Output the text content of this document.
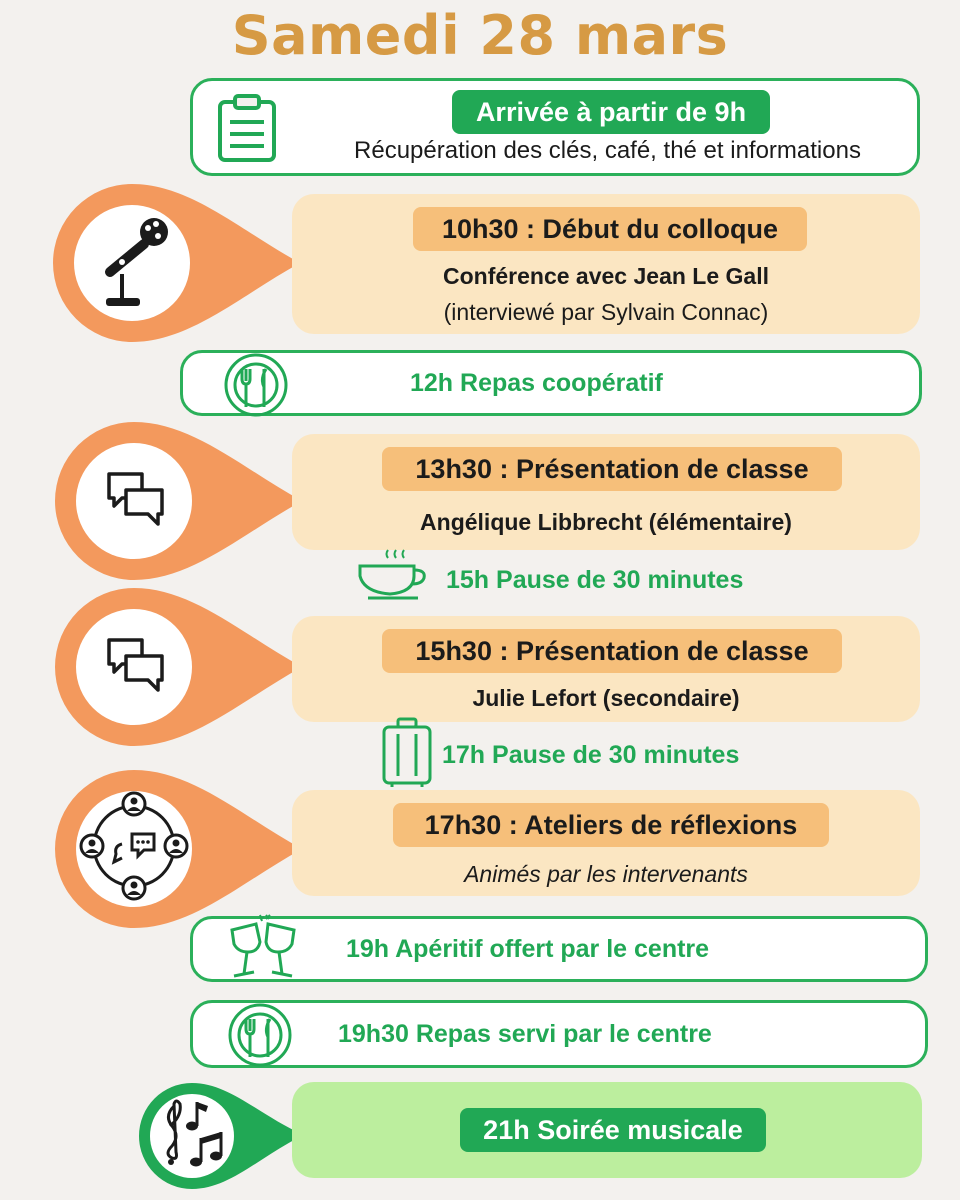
Samedi 28 mars
Arrivée à partir de 9h
Récupération des clés, café, thé et informations
10h30 : Début du colloque
Conférence avec Jean Le Gall
(interviewé par Sylvain Connac)
12h Repas coopératif
13h30 : Présentation de classe
Angélique Libbrecht (élémentaire)
15h Pause de 30 minutes
15h30 : Présentation de classe
Julie Lefort (secondaire)
17h Pause de 30 minutes
17h30 : Ateliers de réflexions
Animés par les intervenants
19h Apéritif offert par le centre
19h30 Repas servi par le centre
21h Soirée musicale
